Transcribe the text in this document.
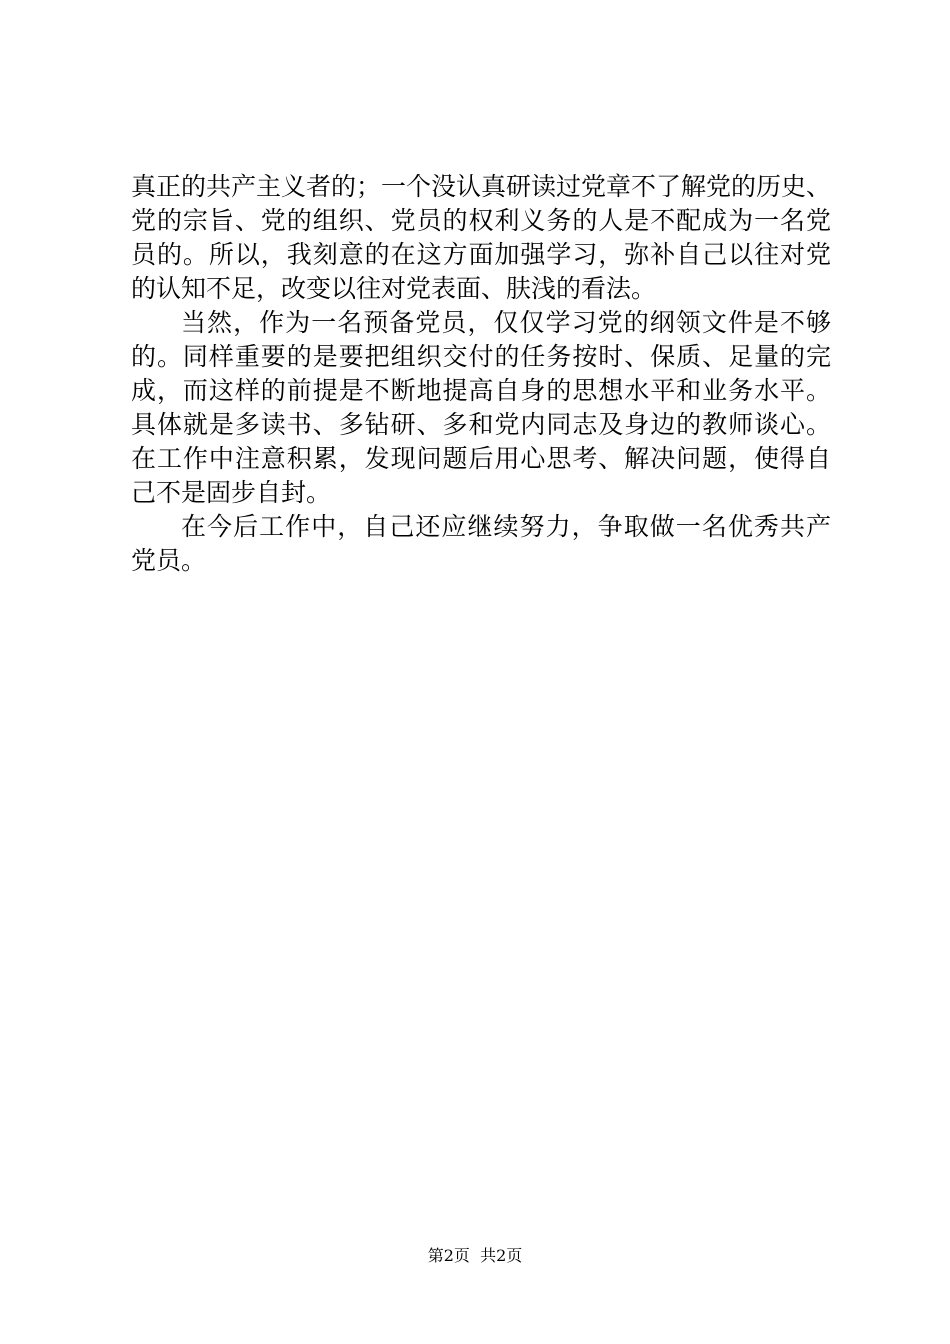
真正的共产主义者的；一个没认真研读过党章不了解党的历史、
党的宗旨、党的组织、党员的权利义务的人是不配成为一名党
员的。所以，我刻意的在这方面加强学习，弥补自己以往对党
的认知不足，改变以往对党表面、肤浅的看法。
当然，作为一名预备党员，仅仅学习党的纲领文件是不够
的。同样重要的是要把组织交付的任务按时、保质、足量的完
成，而这样的前提是不断地提高自身的思想水平和业务水平。
具体就是多读书、多钻研、多和党内同志及身边的教师谈心。
在工作中注意积累，发现问题后用心思考、解决问题，使得自
己不是固步自封。
在今后工作中，自己还应继续努力，争取做一名优秀共产
党员。
第2页  共2页
